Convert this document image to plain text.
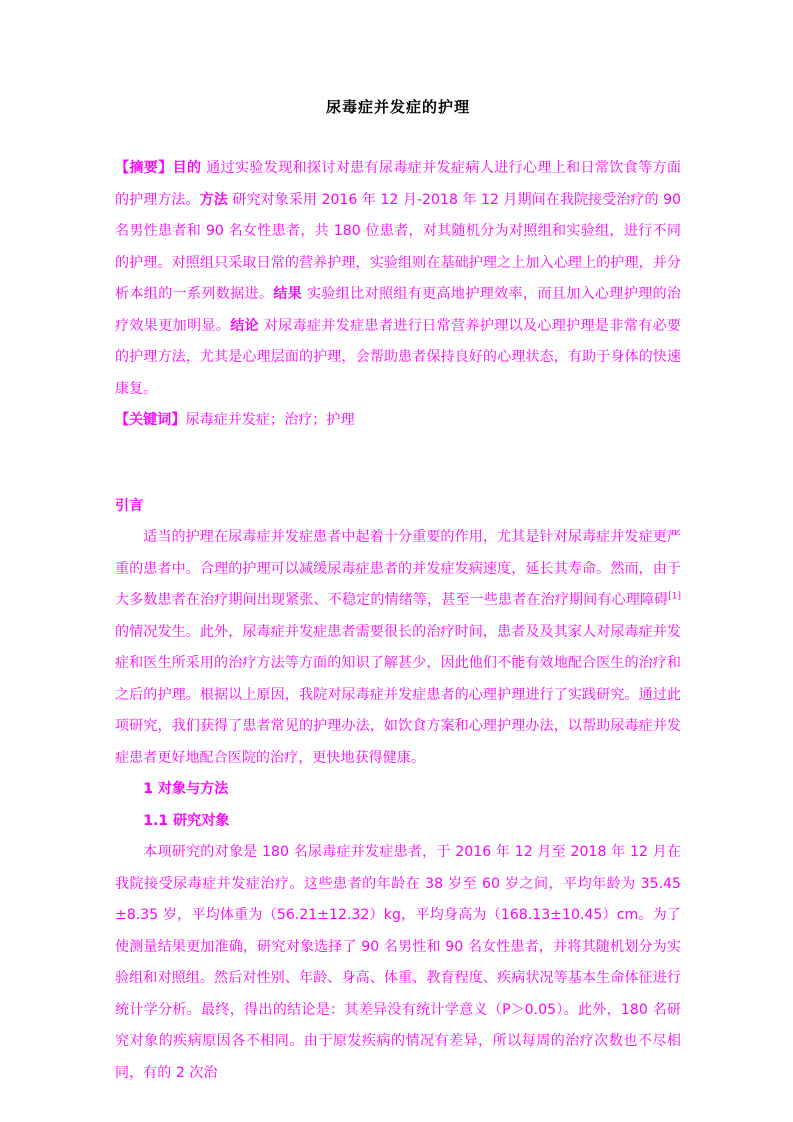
尿毒症并发症的护理

【摘要】目的 通过实验发现和探讨对患有尿毒症并发症病人进行心理上和日常饮食等方面的护理方法。方法 研究对象采用 2016 年 12 月-2018 年 12 月期间在我院接受治疗的 90 名男性患者和 90 名女性患者，共 180 位患者，对其随机分为对照组和实验组，进行不同的护理。对照组只采取日常的营养护理，实验组则在基础护理之上加入心理上的护理，并分析本组的一系列数据进。结果 实验组比对照组有更高地护理效率，而且加入心理护理的治疗效果更加明显。结论 对尿毒症并发症患者进行日常营养护理以及心理护理是非常有必要的护理方法，尤其是心理层面的护理，会帮助患者保持良好的心理状态，有助于身体的快速康复。

【关键词】尿毒症并发症；治疗；护理

引言

适当的护理在尿毒症并发症患者中起着十分重要的作用，尤其是针对尿毒症并发症更严重的患者中。合理的护理可以减缓尿毒症患者的并发症发病速度，延长其寿命。然而，由于大多数患者在治疗期间出现紧张、不稳定的情绪等，甚至一些患者在治疗期间有心理障碍[1]的情况发生。此外，尿毒症并发症患者需要很长的治疗时间，患者及及其家人对尿毒症并发症和医生所采用的治疗方法等方面的知识了解甚少，因此他们不能有效地配合医生的治疗和之后的护理。根据以上原因，我院对尿毒症并发症患者的心理护理进行了实践研究。通过此项研究，我们获得了患者常见的护理办法，如饮食方案和心理护理办法，以帮助尿毒症并发症患者更好地配合医院的治疗，更快地获得健康。

1 对象与方法
1.1 研究对象

本项研究的对象是 180 名尿毒症并发症患者，于 2016 年 12 月至 2018 年 12 月在我院接受尿毒症并发症治疗。这些患者的年龄在 38 岁至 60 岁之间，平均年龄为 35.45±8.35 岁，平均体重为（56.21±12.32）kg，平均身高为（168.13±10.45）cm。为了使测量结果更加准确，研究对象选择了 90 名男性和 90 名女性患者，并将其随机划分为实验组和对照组。然后对性别、年龄、身高、体重、教育程度、疾病状况等基本生命体征进行统计学分析。最终，得出的结论是：其差异没有统计学意义（P＞0.05）。此外，180 名研究对象的疾病原因各不相同。由于原发疾病的情况有差异，所以每周的治疗次数也不尽相同，有的 2 次治
